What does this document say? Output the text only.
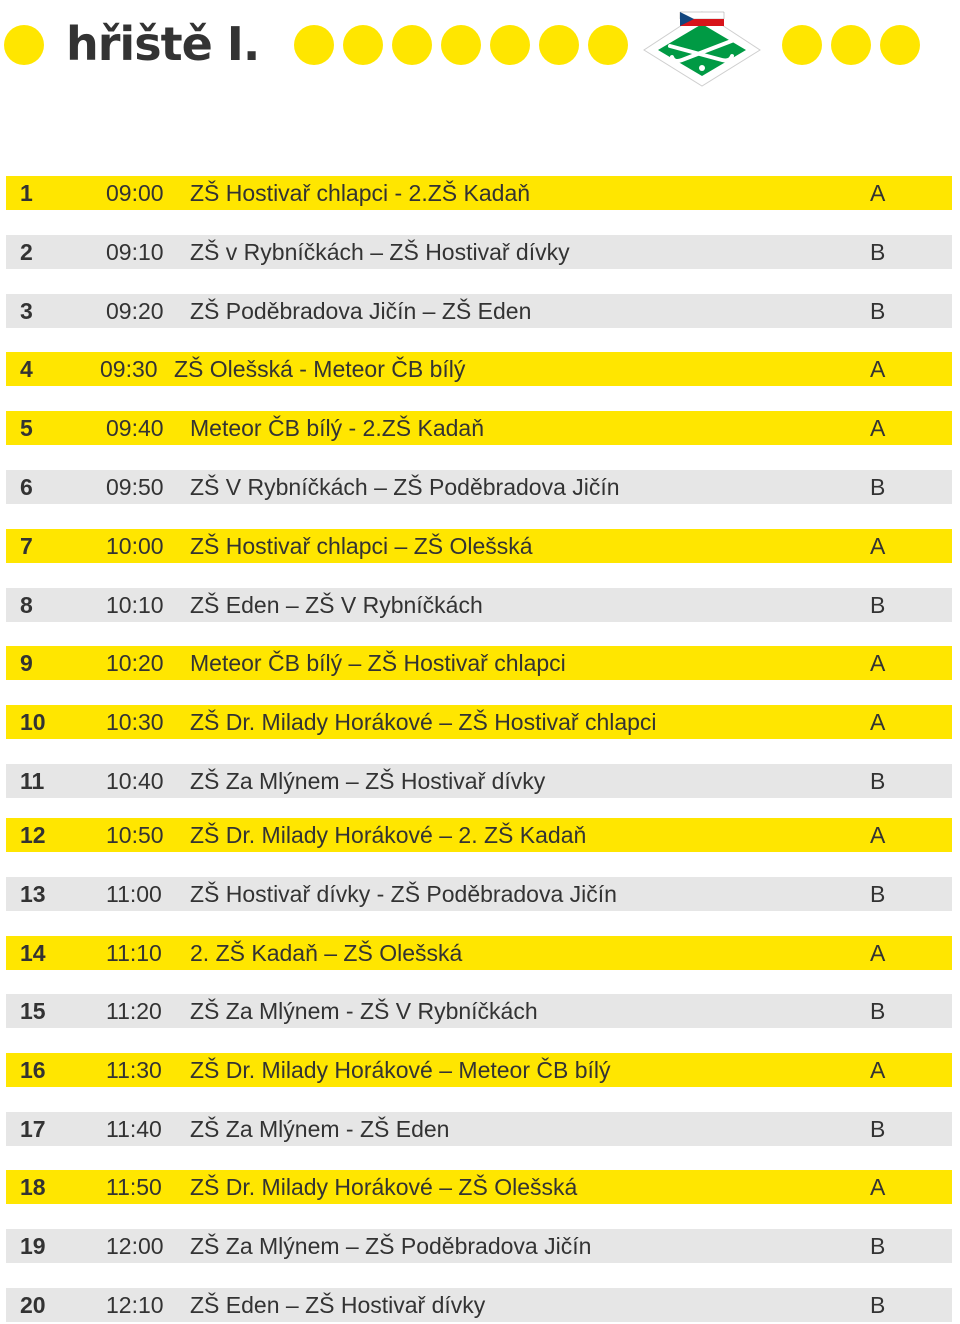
hřiště I.
1	09:00 ZŠ Hostivař chlapci - 2.ZŠ Kadaň	A
2	09:10 ZŠ v Rybníčkách – ZŠ Hostivař dívky	B
3	09:20 ZŠ Poděbradova Jičín – ZŠ Eden	B
4	09:30 ZŠ Olešská - Meteor ČB bílý	A
5	09:40 Meteor ČB bílý - 2.ZŠ Kadaň	A
6	09:50 ZŠ V Rybníčkách – ZŠ Poděbradova Jičín	B
7	10:00 ZŠ Hostivař chlapci – ZŠ Olešská	A
8	10:10 ZŠ Eden – ZŠ V Rybníčkách	B
9	10:20 Meteor ČB bílý – ZŠ Hostivař chlapci	A
10	10:30 ZŠ Dr. Milady Horákové – ZŠ Hostivař chlapci	A
11	10:40 ZŠ Za Mlýnem – ZŠ Hostivař dívky	B
12	10:50 ZŠ Dr. Milady Horákové – 2. ZŠ Kadaň	A
13	11:00 ZŠ Hostivař dívky - ZŠ Poděbradova Jičín	B
14	11:10 2. ZŠ Kadaň – ZŠ Olešská	A
15	11:20 ZŠ Za Mlýnem - ZŠ V Rybníčkách	B
16	11:30 ZŠ Dr. Milady Horákové – Meteor ČB bílý	A
17	11:40 ZŠ Za Mlýnem - ZŠ Eden	B
18	11:50 ZŠ Dr. Milady Horákové – ZŠ Olešská	A
19	12:00 ZŠ Za Mlýnem – ZŠ Poděbradova Jičín	B
20	12:10 ZŠ Eden – ZŠ Hostivař dívky	B
